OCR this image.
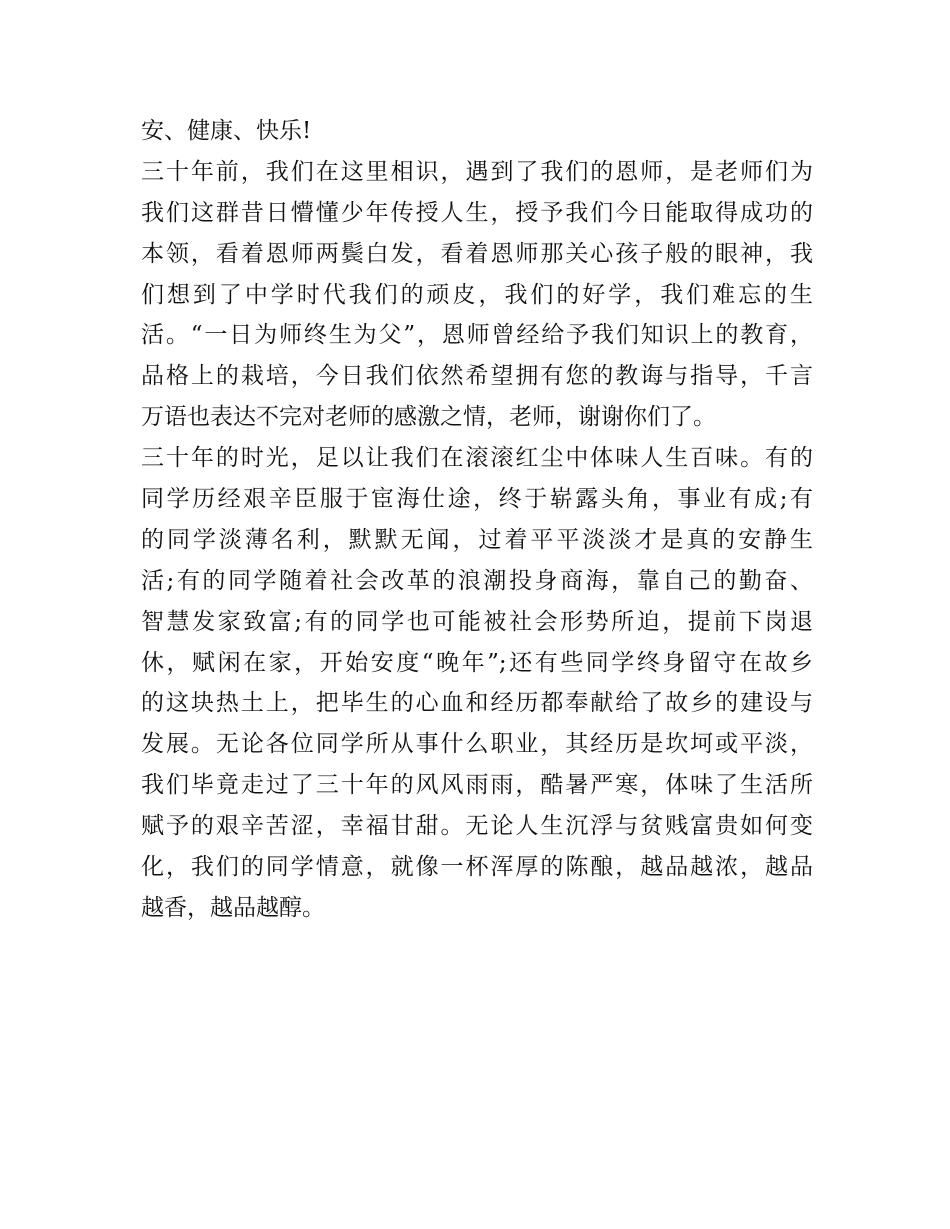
安、健康、快乐!
三十年前，我们在这里相识，遇到了我们的恩师，是老师们为
我们这群昔日懵懂少年传授人生，授予我们今日能取得成功的
本领，看着恩师两鬓白发，看着恩师那关心孩子般的眼神，我
们想到了中学时代我们的顽皮，我们的好学，我们难忘的生
活。“一日为师终生为父”，恩师曾经给予我们知识上的教育，
品格上的栽培，今日我们依然希望拥有您的教诲与指导，千言
万语也表达不完对老师的感激之情，老师，谢谢你们了。
三十年的时光，足以让我们在滚滚红尘中体味人生百味。有的
同学历经艰辛臣服于宦海仕途，终于崭露头角，事业有成;有
的同学淡薄名利，默默无闻，过着平平淡淡才是真的安静生
活;有的同学随着社会改革的浪潮投身商海，靠自己的勤奋、
智慧发家致富;有的同学也可能被社会形势所迫，提前下岗退
休，赋闲在家，开始安度“晚年”;还有些同学终身留守在故乡
的这块热土上，把毕生的心血和经历都奉献给了故乡的建设与
发展。无论各位同学所从事什么职业，其经历是坎坷或平淡，
我们毕竟走过了三十年的风风雨雨，酷暑严寒，体味了生活所
赋予的艰辛苦涩，幸福甘甜。无论人生沉浮与贫贱富贵如何变
化，我们的同学情意，就像一杯浑厚的陈酿，越品越浓，越品
越香，越品越醇。
